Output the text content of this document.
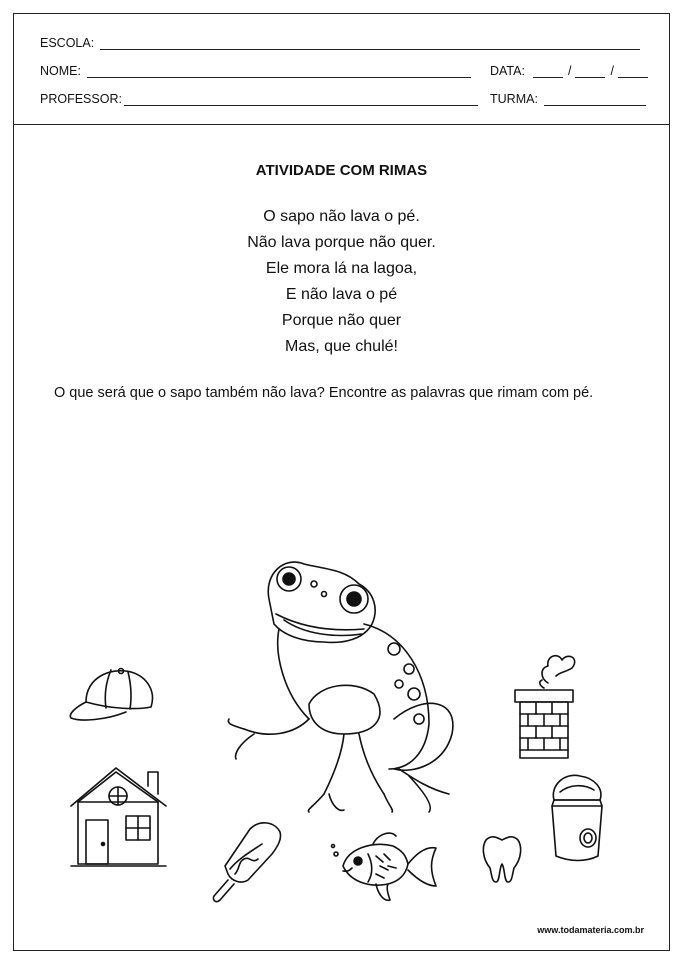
ESCOLA:
NOME:	DATA:	/	/
PROFESSOR:	TURMA:
ATIVIDADE COM RIMAS
O sapo não lava o pé.
Não lava porque não quer.
Ele mora lá na lagoa,
E não lava o pé
Porque não quer
Mas, que chulé!
O que será que o sapo também não lava? Encontre as palavras que rimam com pé.
www.todamateria.com.br
